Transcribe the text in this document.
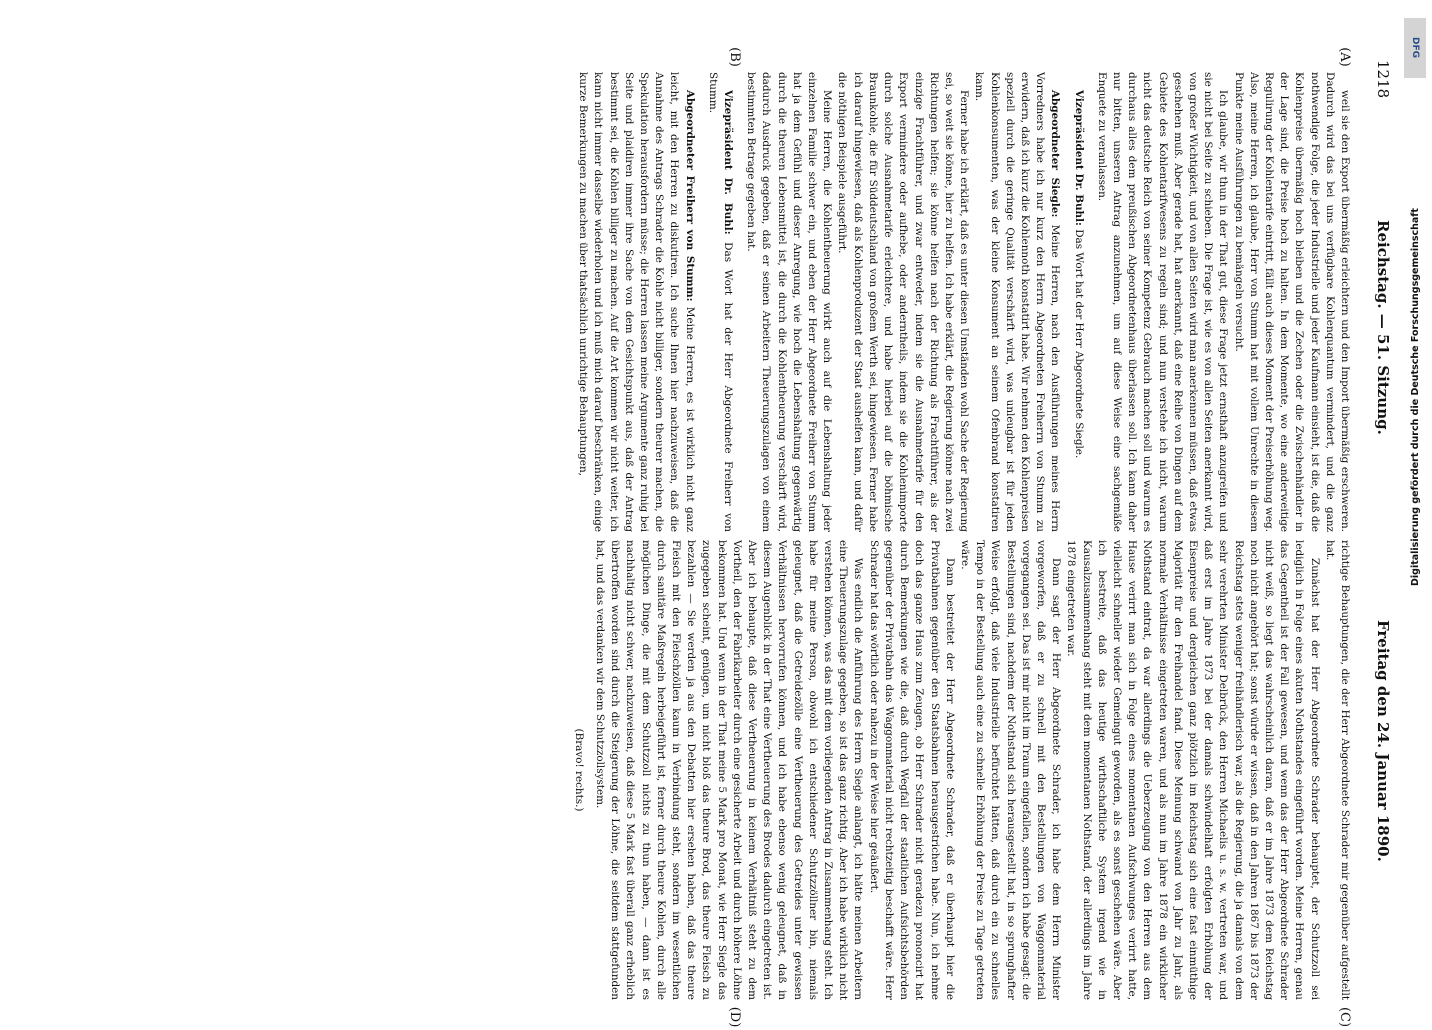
1218
Reichstag. — 51. Sitzung.
Freitag den 24. Januar 1890.
(A)
(B)
(C)
(D)

weil sie den Export übermäßig erleichtern und den Import übermäßig erschweren. Dadurch wird das bei uns verfügbare Kohlenquantum vermindert, und die ganz nothwendige Folge, die jeder Industrielle und jeder Kaufmann einsieht, ist die, daß die Kohlenpreise übermäßig hoch bleiben und die Zechen oder die Zwischenhändler in der Lage sind, die Preise hoch zu halten. In dem Momente, wo eine anderweitige Regulirung der Kohlentarife eintritt, fällt auch dieses Moment der Preiserhöhung weg. Also, meine Herren, ich glaube, Herr von Stumm hat mit vollem Unrechte in diesem Punkte meine Ausführungen zu bemängeln versucht.

Ich glaube, wir thun in der That gut, diese Frage jetzt ernsthaft anzugreifen und sie nicht bei Seite zu schieben. Die Frage ist, wie es von allen Seiten anerkannt wird, von großer Wichtigkeit, und von allen Seiten wird man anerkennen müssen, daß etwas geschehen muß. Aber gerade hat, hat anerkannt, daß eine Reihe von Dingen auf dem Gebiete des Kohlentarifwesens zu regeln sind; und nun verstehe ich nicht, warum nicht das deutsche Reich von seiner Kompetenz Gebrauch machen soll und warum es durchaus alles dem preußischen Abgeordnetenhaus überlassen soll. Ich kann daher nur bitten, unseren Antrag anzunehmen, um auf diese Weise eine sachgemäße Enquete zu veranlassen.

Vizepräsident Dr. Buhl: Das Wort hat der Herr Abgeordnete Siegle.

Abgeordneter Siegle: Meine Herren, nach den Ausführungen meines Herrn Vorredners habe ich nur kurz den Herrn Abgeordneten Freiherrn von Stumm zu erwidern, daß ich kurz die Kohlennoth konstatirt habe. Wir nehmen den Kohlenpreisen speziell durch die geringe Qualität verschärft wird, was unleugbar ist für jeden Kohlenkonsumenten, was der kleine Konsument an seinem Ofenbrand konstatiren kann.

Ferner habe ich erklärt, daß es unter diesen Umständen wohl Sache der Regierung sei, so weit sie könne, hier zu helfen. Ich habe erklärt, die Regierung könne nach zwei Richtungen helfen; sie könne helfen nach der Richtung als Frachtführer, als der einzige Frachtführer, und zwar entweder, indem sie die Ausnahmetarife für den Export vermindere oder aufhebe, oder anderntheils, indem sie die Kohlenimporte durch solche Ausnahmetarife erleichtere, und habe hierbei auf die böhmische Braunkohle, die für Süddeutschland von großem Werth sei, hingewiesen. Ferner habe ich darauf hingewiesen, daß als Kohlenproduzent der Staat aushelfen kann, und dafür die nöthigen Beispiele ausgeführt.

Meine Herren, die Kohlentheuerung wirkt auch auf die Lebenshaltung jeder einzelnen Familie schwer ein, und eben der Herr Abgeordnete Freiherr von Stumm hat ja dem Gefühl und dieser Anregung, wie hoch die Lebenshaltung gegenwärtig durch die theuren Lebensmittel ist, die durch die Kohlentheuerung verschärft wird, dadurch Ausdruck gegeben, daß er seinen Arbeitern Theuerungszulagen von einem bestimmten Betrage gegeben hat.

Vizepräsident Dr. Buhl: Das Wort hat der Herr Abgeordnete Freiherr von Stumm.

Abgeordneter Freiherr von Stumm: Meine Herren, es ist wirklich nicht ganz leicht, mit den Herren zu diskutiren. Ich suche Ihnen hier nachzuweisen, daß die Annahme des Antrags Schrader die Kohle nicht billiger, sondern theurer machen, die Spekulation herausfordern müsse; die Herren lassen meine Argumente ganz ruhig bei Seite und plaidiren immer ihre Sache von dem Gesichtspunkt aus, daß der Antrag bestimmt sei, die Kohlen billiger zu machen. Auf die Art kommen wir nicht weiter, ich kann nicht immer dasselbe wiederholen und ich muß mich darauf beschränken, einige kurze Bemerkungen zu machen über thatsächlich unrichtige Behauptungen,

richtige Behauptungen, die der Herr Abgeordnete Schrader mir gegenüber aufgestellt hat.

Zunächst hat der Herr Abgeordnete Schrader behauptet, der Schutzzoll sei lediglich in Folge eines akuten Nothstandes eingeführt worden. Meine Herren, genau das Gegentheil ist der Fall gewesen, und wenn das der Herr Abgeordnete Schrader nicht weiß, so liegt das wahrscheinlich daran, daß er im Jahre 1873 dem Reichstag noch nicht angehört hat; sonst würde er wissen, daß in den Jahren 1867 bis 1873 der Reichstag stets weniger freihändlerisch war, als die Regierung, die ja damals von dem sehr verehrten Minister Delbrück, den Herren Michaelis u. s. w. vertreten war, und daß erst im Jahre 1873 bei der damals schwindelhaft erfolgten Erhöhung der Eisenpreise und dergleichen ganz plötzlich im Reichstag sich eine fast einmüthige Majorität für den Freihandel fand. Diese Meinung schwand von Jahr zu Jahr, als normale Verhältnisse eingetreten waren, und als nun im Jahre 1878 ein wirklicher Nothstand eintrat, da war allerdings die Ueberzeugung von den Herren aus dem Hause verirrt man sich in Folge eines momentanen Aufschwunges verirrt hatte, vielleicht schneller wieder Gemeingut geworden, als es sonst geschehen wäre. Aber ich bestreite, daß das heutige wirthschaftliche System irgend wie in Kausalzusammenhang steht mit dem momentanen Nothstand, der allerdings im Jahre 1878 eingetreten war.

Dann sagt der Herr Abgeordnete Schrader, ich habe dem Herrn Minister vorgeworfen, daß er zu schnell mit den Bestellungen von Waggonmaterial vorgegangen sei. Das ist mir nicht im Traum eingefallen, sondern ich habe gesagt: die Bestellungen sind, nachdem der Nothstand sich herausgestellt hat, in so sprunghafter Weise erfolgt, daß viele Industrielle befürchtet hätten, daß durch ein zu schnelles Tempo in der Bestellung auch eine zu schnelle Erhöhung der Preise zu Tage getreten wäre.

Dann bestreitet der Herr Abgeordnete Schrader, daß er überhaupt hier die Privatbahnen gegenüber den Staatsbahnen herausgestrichen habe. Nun, ich nehme doch das ganze Haus zum Zeugen, ob Herr Schrader nicht geradezu prononcirt hat durch Bemerkungen wie die, daß durch Wegfall der staatlichen Aufsichtsbehörden gegenüber der Privatbahn das Waggonmaterial nicht rechtzeitig beschafft wäre. Herr Schrader hat das wörtlich oder nahezu in der Weise hier geäußert.

Was endlich die Anführung des Herrn Siegle anlangt, ich hätte meinen Arbeitern eine Theuerungszulage gegeben, so ist das ganz richtig. Aber ich habe wirklich nicht verstehen können, was das mit dem vorliegenden Antrag in Zusammenhang steht. Ich habe für meine Person, obwohl ich entschiedener Schutzzöllner bin, niemals geleugnet, daß die Getreidezölle eine Vertheuerung des Getreides unter gewissen Verhältnissen hervorrufen können, und ich habe ebenso wenig geleugnet, daß in diesem Augenblick in der That eine Vertheuerung des Brodes dadurch eingetreten ist. Aber ich behaupte, daß diese Vertheuerung in keinem Verhältniß steht zu dem Vortheil, den der Fabrikarbeiter durch eine gesicherte Arbeit und durch höhere Löhne bekommen hat. Und wenn in der That meine 5 Mark pro Monat, wie Herr Siegle das zugegeben scheint, genügen, um nicht bloß das theure Brod, das theure Fleisch zu bezahlen — Sie werden ja aus den Debatten hier ersehen haben, daß das theure Fleisch mit den Fleischzöllen kaum in Verbindung steht, sondern im wesentlichen durch sanitäre Maßregeln herbeigeführt ist, ferner durch theure Kohlen, durch alle möglichen Dinge, die mit dem Schutzzoll nichts zu thun haben, — dann ist es nachhaltig nicht schwer, nachzuweisen, daß diese 5 Mark fast überall ganz erheblich übertroffen worden sind durch die Steigerung der Löhne, die seitdem stattgefunden hat, und das verdanken wir dem Schutzzollsystem.

(Bravo! rechts.)

DFG
Digitalisierung gefördert durch die Deutsche Forschungsgemeinschaft
